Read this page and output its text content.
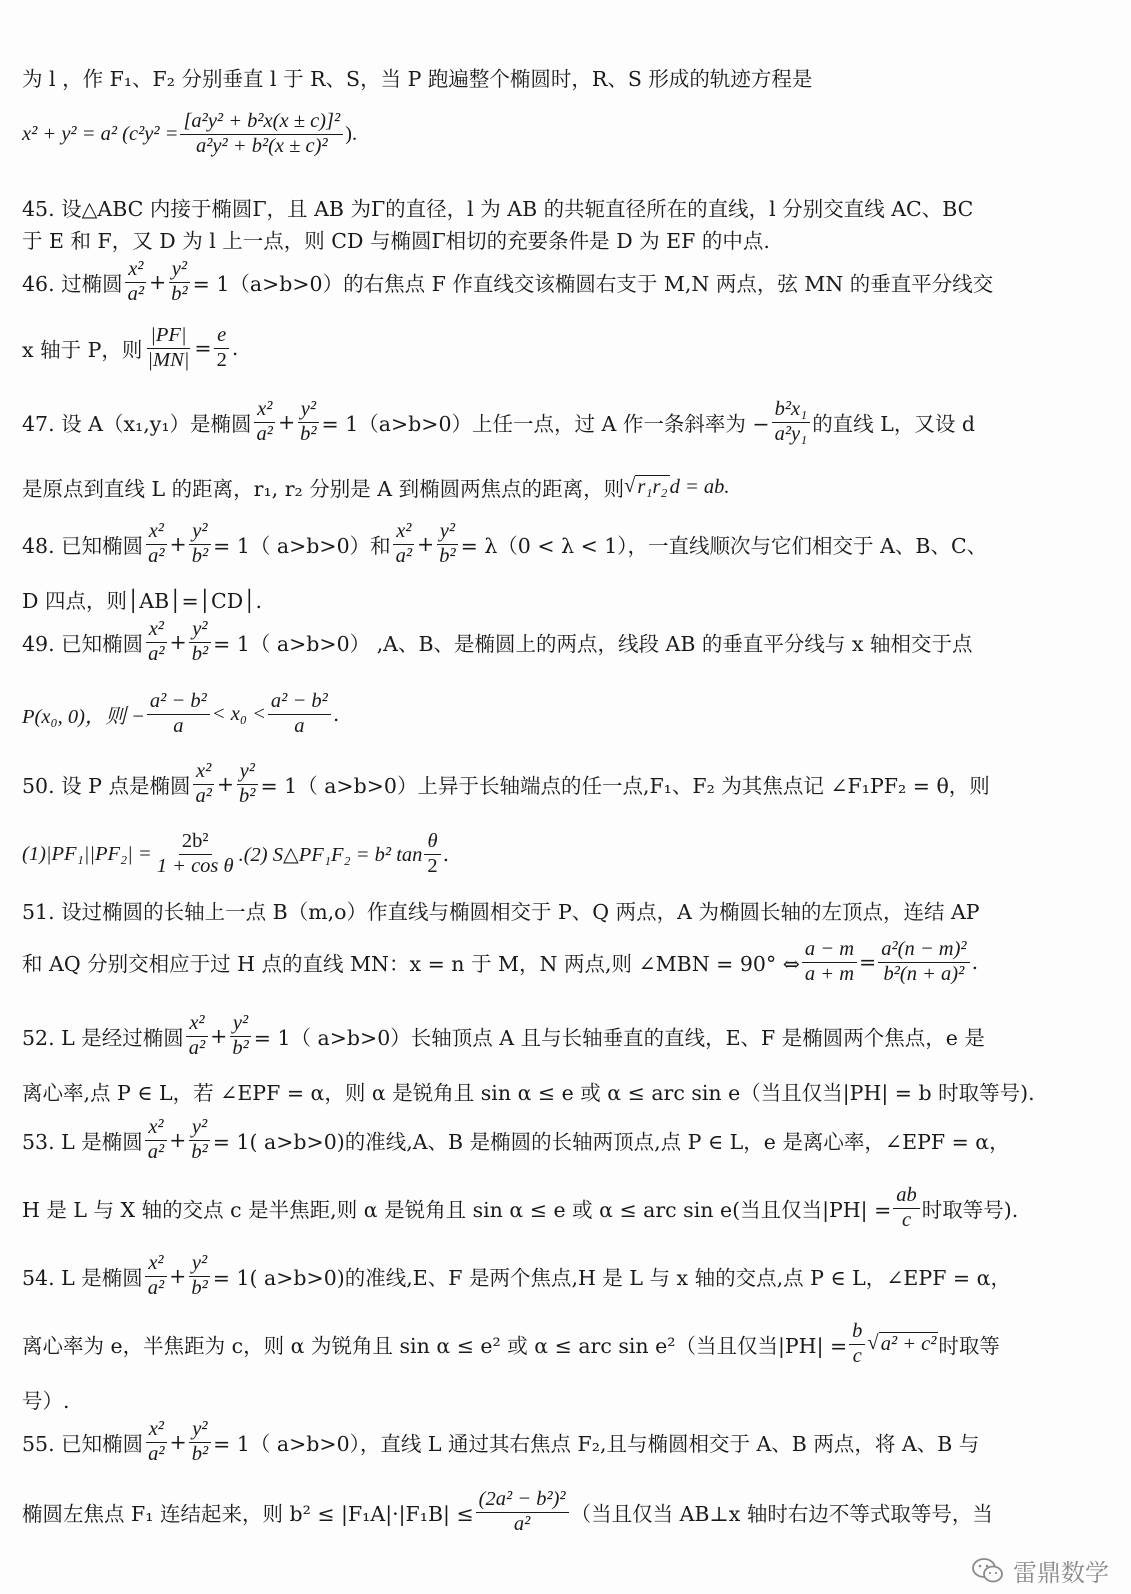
为 l ，作 F₁、F₂ 分别垂直 l 于 R、S，当 P 跑遍整个椭圆时，R、S 形成的轨迹方程是
x² + y² = a² ($c^2y^2 = \frac{\text{[a²y² + b²x(x ± c)]²}}{\text{a²y² + b²(x ± c)²}}$ ).
45. 设△ABC 内接于椭圆Γ，且 AB 为Γ的直径，l 为 AB 的共轭直径所在的直线，l 分别交直线 AC、BC
于 E 和 F，又 D 为 l 上一点，则 CD 与椭圆Γ相切的充要条件是 D 为 EF 的中点.
46. 过椭圆 $\frac{\text{x²}}{\text{a²}} + \frac{\text{y²}}{\text{b²}} = 1(a>b>0)$的右焦点 F 作直线交该椭圆右支于 M,N 两点，弦 MN 的垂直平分线交
x 轴于 P，则 $\frac{|PF|}{|MN|} = \frac{e}{2}$ .
47. 设 A（x₁,y₁）是椭圆 $\frac{\text{x²}}{\text{a²}} + \frac{\text{y²}}{\text{b²}} = 1(a>b>0)$上任一点，过 A 作一条斜率为 − $\frac{\text{b²x₁}}{\text{a²y₁}}$ 的直线 L，又设 d
是原点到直线 L 的距离，r₁, r₂ 分别是 A 到椭圆两焦点的距离，则 √ r₁r₂ d = ab.
48. 已知椭圆 $\frac{\text{x²}}{\text{a²}} + \frac{\text{y²}}{\text{b²}} = 1$（ a>b>0）和 $\frac{\text{x²}}{\text{a²}} + \frac{\text{y²}}{\text{b²}} = \lambda(0 < \lambda < 1)$，一直线顺次与它们相交于 A、B、C、
D 四点，则│AB│=│CD│.
49. 已知椭圆 $\frac{\text{x²}}{\text{a²}} + \frac{\text{y²}}{\text{b²}} = 1$（ a>b>0） ,A、B、是椭圆上的两点，线段 AB 的垂直平分线与 x 轴相交于点
P(x₀, 0)，则 − $\frac{\text{a² − b²}}{a} < x_0 < \frac{\text{a² − b²}}{a}$ .
50. 设 P 点是椭圆 $\frac{\text{x²}}{\text{a²}} + \frac{\text{y²}}{\text{b²}} = 1$（ a>b>0）上异于长轴端点的任一点,F₁、F₂ 为其焦点记 ∠F₁PF₂ = θ，则
$(1)|PF_1||PF_2| = \frac{\text{2b²}}{\text{1 + cos θ}} .(2)$ S△PF₁F₂ = b² $\tan \frac{\theta}{2}$ .
51. 设过椭圆的长轴上一点 B（m,o）作直线与椭圆相交于 P、Q 两点，A 为椭圆长轴的左顶点，连结 AP
和 AQ 分别交相应于过 H 点的直线 MN：x = n 于 M，N 两点,则 ∠MBN = 90° ⇔ $\frac{a - m}{a + m} = \frac{\text{a²(n − m)²}}{\text{b²(n + a)²}}$ .
52. L 是经过椭圆 $\frac{\text{x²}}{\text{a²}} + \frac{\text{y²}}{\text{b²}} = 1$（ a>b>0）长轴顶点 A 且与长轴垂直的直线，E、F 是椭圆两个焦点，e 是
离心率,点 P ∈ L，若 ∠EPF = α，则 α 是锐角且 sin α ≤ e 或 α ≤ arc sin e（当且仅当|PH| = b 时取等号).
53. L 是椭圆 $\frac{\text{x²}}{\text{a²}} + \frac{\text{y²}}{\text{b²}} = 1$( a>b>0)的准线,A、B 是椭圆的长轴两顶点,点 P ∈ L，e 是离心率，∠EPF = α，
H 是 L 与 X 轴的交点 c 是半焦距,则 α 是锐角且 sin α ≤ e 或 α ≤ arc sin e(当且仅当$|PH| = \frac{ab}{c}$ 时取等号).
54. L 是椭圆 $\frac{\text{x²}}{\text{a²}} + \frac{\text{y²}}{\text{b²}} = 1$( a>b>0)的准线,E、F 是两个焦点,H 是 L 与 x 轴的交点,点 P ∈ L，∠EPF = α，
离心率为 e，半焦距为 c，则 α 为锐角且 sin α ≤ e² 或 α ≤ arc sin e²（当且仅当$|PH| = \frac{b}{c}$ √ a² + c² 时取等
号）.
55. 已知椭圆 $\frac{\text{x²}}{\text{a²}} + \frac{\text{y²}}{\text{b²}} = 1$（ a>b>0），直线 L 通过其右焦点 F₂,且与椭圆相交于 A、B 两点，将 A、B 与
椭圆左焦点 F₁ 连结起来，则 $b^2 \le |F_1A|\cdot|F_1B| \le \frac{\text{(2a² − b²)²}}{\text{a²}}$ （当且仅当 AB⊥x 轴时右边不等式取等号，当
雷鼎数学
